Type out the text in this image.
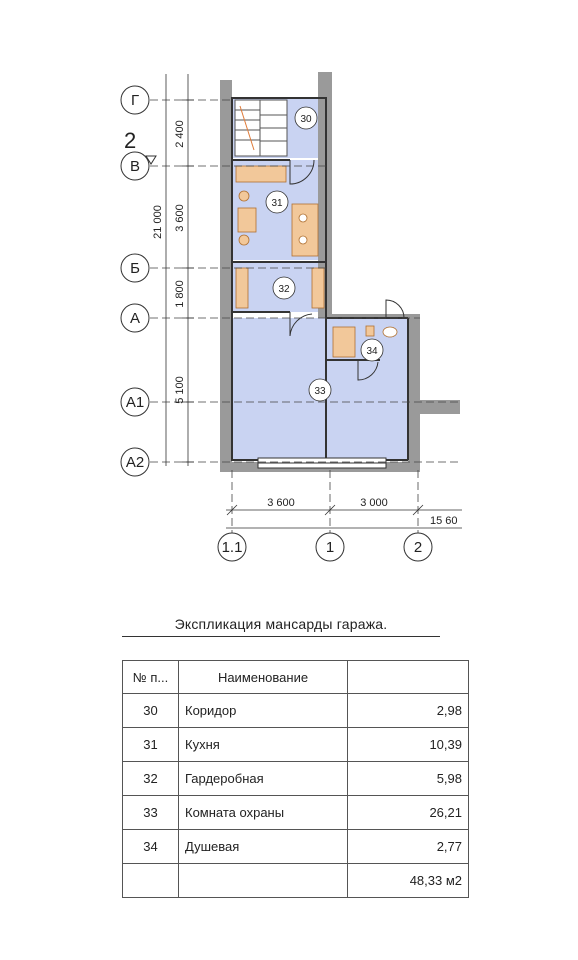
Г
В
Б
А
А1
А2
1.1	1	2
2	2 400
3 600
1 800
5 100
21 000
3 600	3 000
15 60
30
31
32
33
34
Экспликация мансарды гаража.
№ п...	Наименование	
30	Коридор	2,98
31	Кухня	10,39
32	Гардеробная	5,98
33	Комната охраны	26,21
34	Душевая	2,77
		48,33 м2
